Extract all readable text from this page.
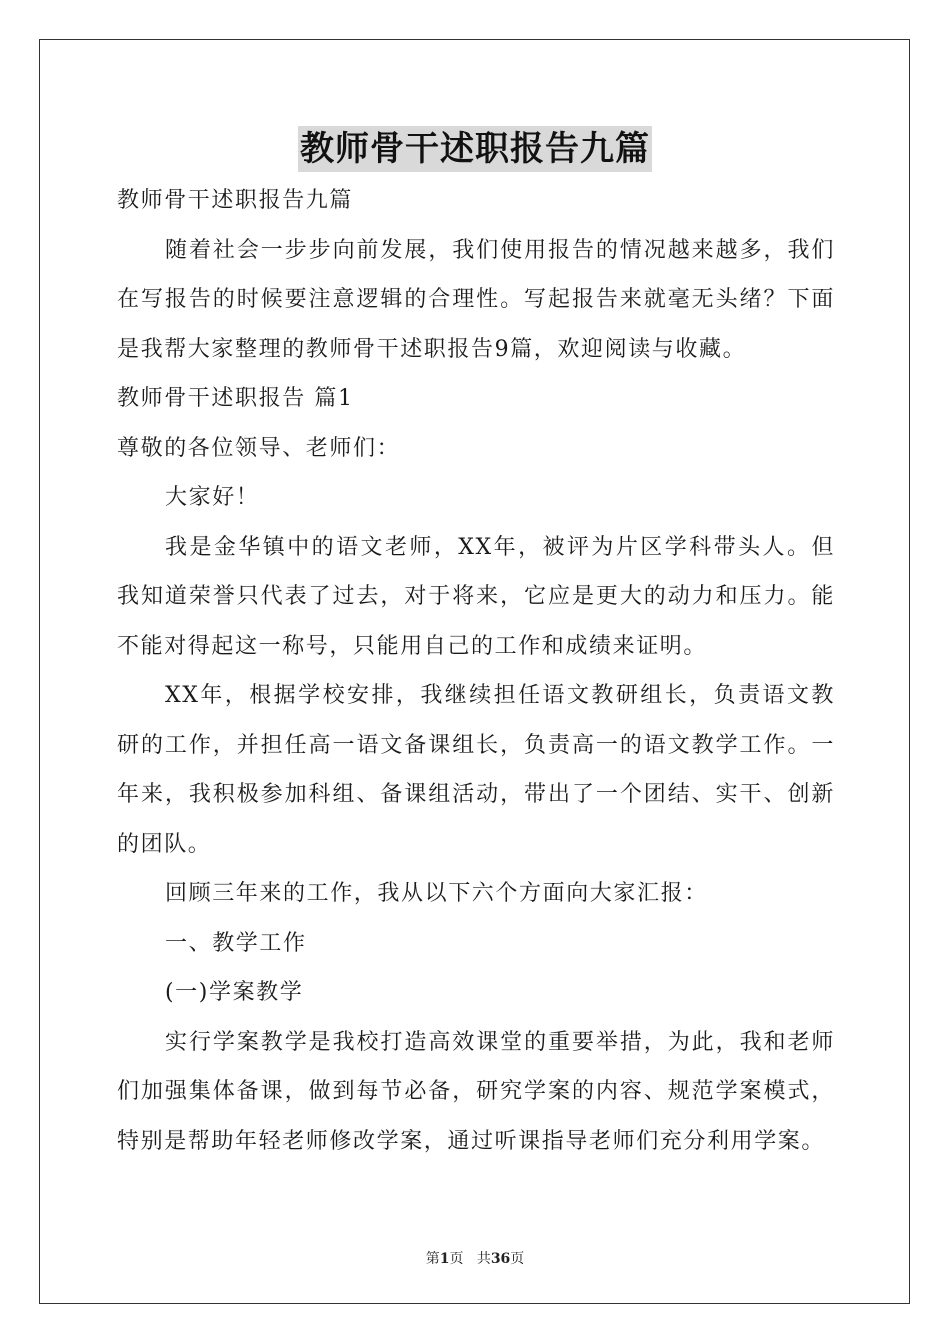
教师骨干述职报告九篇

教师骨干述职报告九篇

随着社会一步步向前发展，我们使用报告的情况越来越多，我们在写报告的时候要注意逻辑的合理性。写起报告来就毫无头绪？下面是我帮大家整理的教师骨干述职报告9篇，欢迎阅读与收藏。

教师骨干述职报告 篇1

尊敬的各位领导、老师们：

大家好！

我是金华镇中的语文老师，XX年，被评为片区学科带头人。但我知道荣誉只代表了过去，对于将来，它应是更大的动力和压力。能不能对得起这一称号，只能用自己的工作和成绩来证明。

XX年，根据学校安排，我继续担任语文教研组长，负责语文教研的工作，并担任高一语文备课组长，负责高一的语文教学工作。一年来，我积极参加科组、备课组活动，带出了一个团结、实干、创新的团队。

回顾三年来的工作，我从以下六个方面向大家汇报：

一、教学工作

(一)学案教学

实行学案教学是我校打造高效课堂的重要举措，为此，我和老师们加强集体备课，做到每节必备，研究学案的内容、规范学案模式，特别是帮助年轻老师修改学案，通过听课指导老师们充分利用学案。

第1页 共36页
